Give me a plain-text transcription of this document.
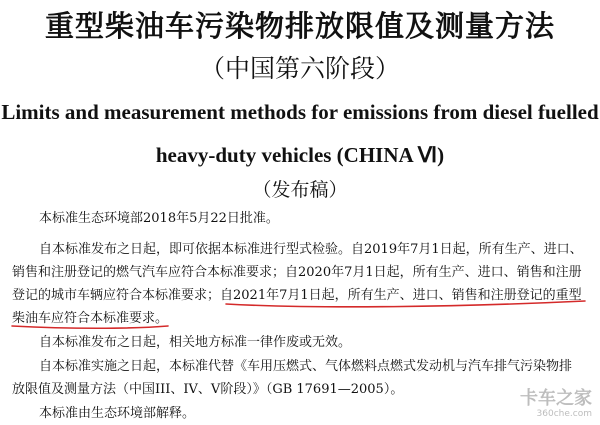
重型柴油车污染物排放限值及测量方法
（中国第六阶段）
Limits and measurement methods for emissions from diesel fuelled
heavy-duty vehicles (CHINA Ⅵ)
（发布稿）
本标准生态环境部2018年5月22日批准。
自本标准发布之日起，即可依据本标准进行型式检验。自2019年7月1日起，所有生产、进口、
销售和注册登记的燃气汽车应符合本标准要求；自2020年7月1日起，所有生产、进口、销售和注册
登记的城市车辆应符合本标准要求；自2021年7月1日起，所有生产、进口、销售和注册登记的重型
柴油车应符合本标准要求。
自本标准发布之日起，相关地方标准一律作废或无效。
自本标准实施之日起，本标准代替《车用压燃式、气体燃料点燃式发动机与汽车排气污染物排
放限值及测量方法（中国III、IV、V阶段）》（GB 17691—2005）。
本标准由生态环境部解释。
卡车之家
360che.com
